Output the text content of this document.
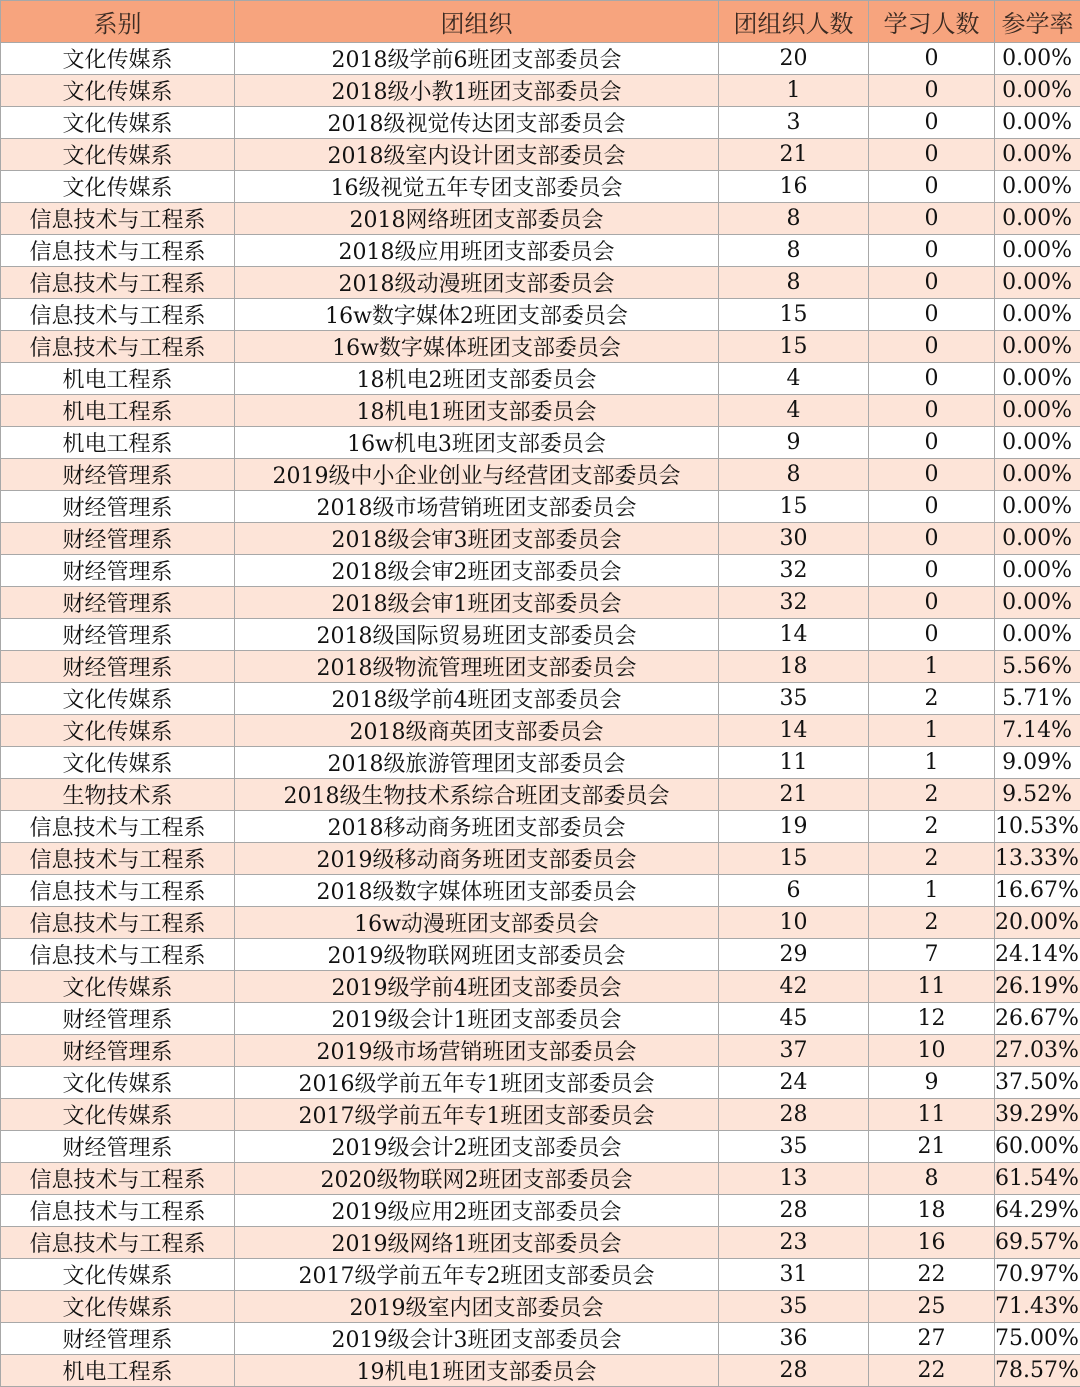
系别	团组织	团组织人数	学习人数	参学率
文化传媒系	2018级学前6班团支部委员会	20	0	0.00%
文化传媒系	2018级小教1班团支部委员会	1	0	0.00%
文化传媒系	2018级视觉传达团支部委员会	3	0	0.00%
文化传媒系	2018级室内设计团支部委员会	21	0	0.00%
文化传媒系	16级视觉五年专团支部委员会	16	0	0.00%
信息技术与工程系	2018网络班团支部委员会	8	0	0.00%
信息技术与工程系	2018级应用班团支部委员会	8	0	0.00%
信息技术与工程系	2018级动漫班团支部委员会	8	0	0.00%
信息技术与工程系	16w数字媒体2班团支部委员会	15	0	0.00%
信息技术与工程系	16w数字媒体班团支部委员会	15	0	0.00%
机电工程系	18机电2班团支部委员会	4	0	0.00%
机电工程系	18机电1班团支部委员会	4	0	0.00%
机电工程系	16w机电3班团支部委员会	9	0	0.00%
财经管理系	2019级中小企业创业与经营团支部委员会	8	0	0.00%
财经管理系	2018级市场营销班团支部委员会	15	0	0.00%
财经管理系	2018级会审3班团支部委员会	30	0	0.00%
财经管理系	2018级会审2班团支部委员会	32	0	0.00%
财经管理系	2018级会审1班团支部委员会	32	0	0.00%
财经管理系	2018级国际贸易班团支部委员会	14	0	0.00%
财经管理系	2018级物流管理班团支部委员会	18	1	5.56%
文化传媒系	2018级学前4班团支部委员会	35	2	5.71%
文化传媒系	2018级商英团支部委员会	14	1	7.14%
文化传媒系	2018级旅游管理团支部委员会	11	1	9.09%
生物技术系	2018级生物技术系综合班团支部委员会	21	2	9.52%
信息技术与工程系	2018移动商务班团支部委员会	19	2	10.53%
信息技术与工程系	2019级移动商务班团支部委员会	15	2	13.33%
信息技术与工程系	2018级数字媒体班团支部委员会	6	1	16.67%
信息技术与工程系	16w动漫班团支部委员会	10	2	20.00%
信息技术与工程系	2019级物联网班团支部委员会	29	7	24.14%
文化传媒系	2019级学前4班团支部委员会	42	11	26.19%
财经管理系	2019级会计1班团支部委员会	45	12	26.67%
财经管理系	2019级市场营销班团支部委员会	37	10	27.03%
文化传媒系	2016级学前五年专1班团支部委员会	24	9	37.50%
文化传媒系	2017级学前五年专1班团支部委员会	28	11	39.29%
财经管理系	2019级会计2班团支部委员会	35	21	60.00%
信息技术与工程系	2020级物联网2班团支部委员会	13	8	61.54%
信息技术与工程系	2019级应用2班团支部委员会	28	18	64.29%
信息技术与工程系	2019级网络1班团支部委员会	23	16	69.57%
文化传媒系	2017级学前五年专2班团支部委员会	31	22	70.97%
文化传媒系	2019级室内团支部委员会	35	25	71.43%
财经管理系	2019级会计3班团支部委员会	36	27	75.00%
机电工程系	19机电1班团支部委员会	28	22	78.57%
